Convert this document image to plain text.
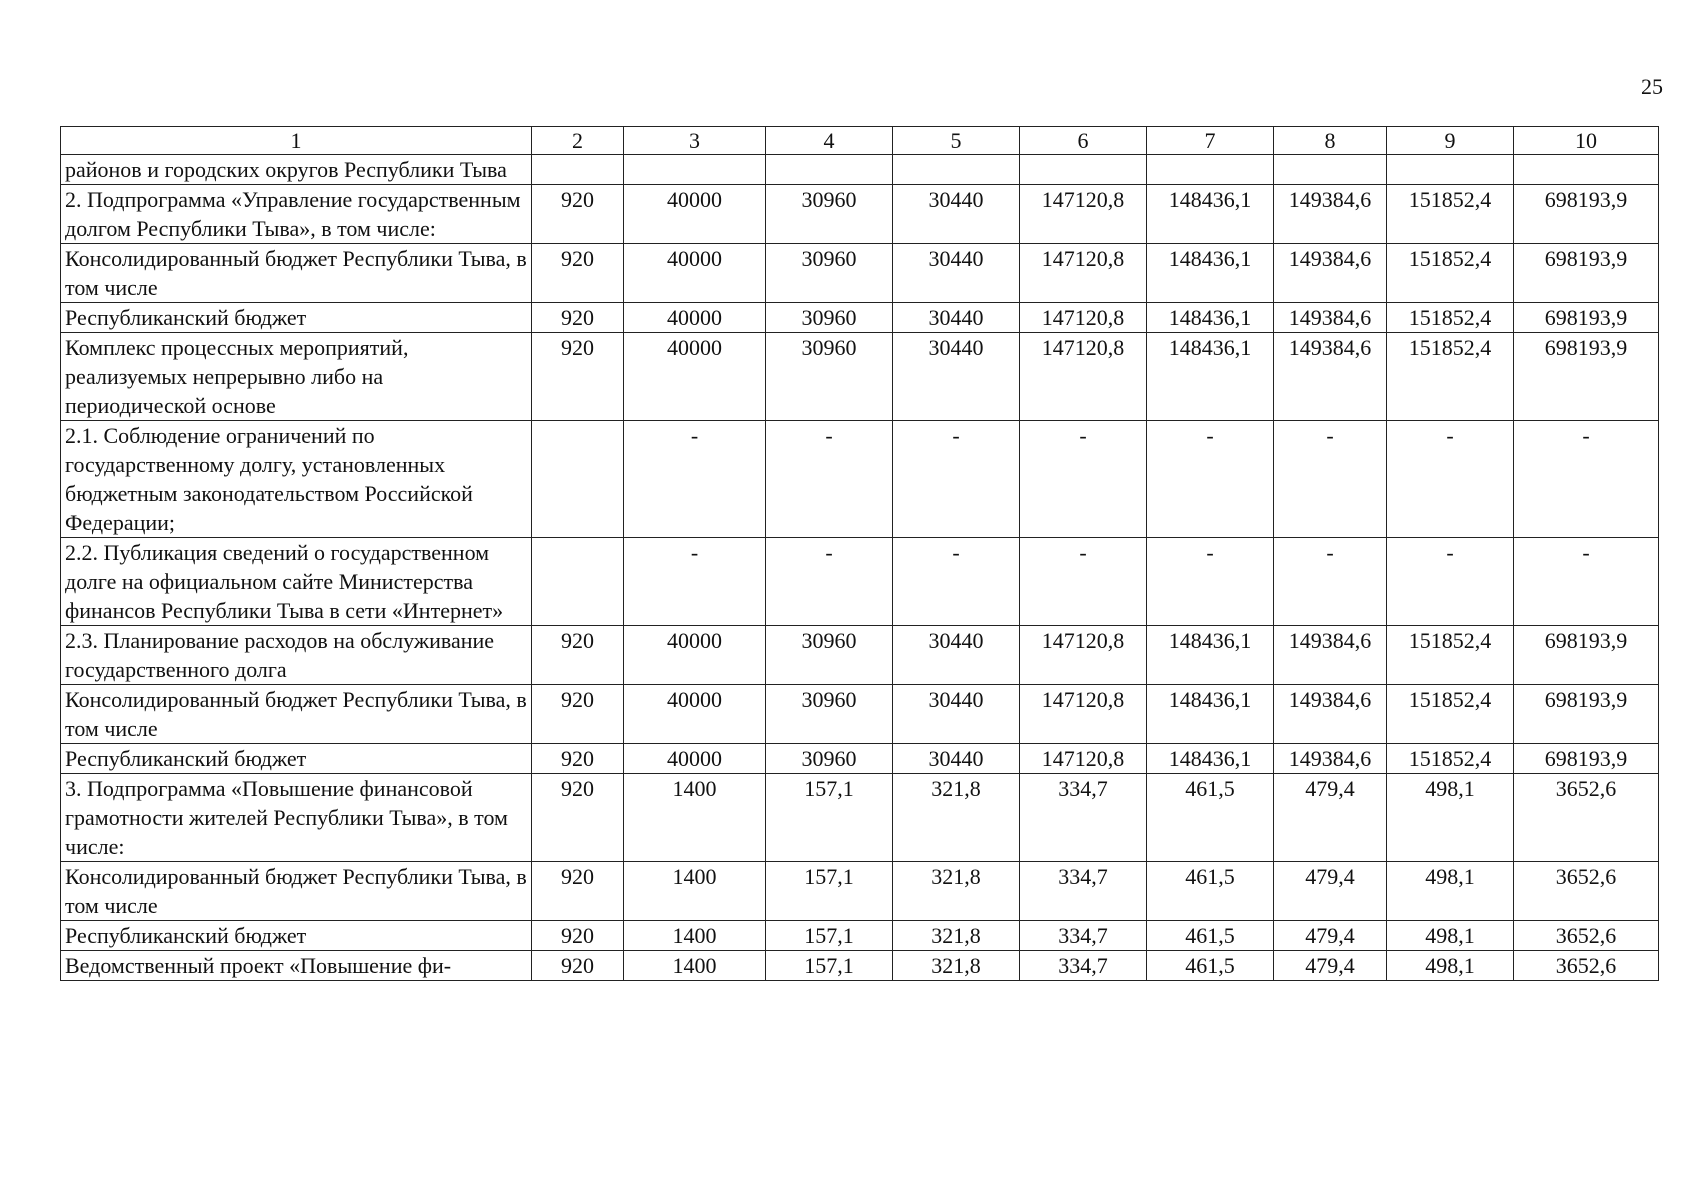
25
1	2	3	4	5	6	7	8	9	10
районов и городских округов Республики Тыва									
2. Подпрограмма «Управление государственным долгом Республики Тыва», в том числе:	920	40000	30960	30440	147120,8	148436,1	149384,6	151852,4	698193,9
Консолидированный бюджет Республики Тыва, в том числе	920	40000	30960	30440	147120,8	148436,1	149384,6	151852,4	698193,9
Республиканский бюджет	920	40000	30960	30440	147120,8	148436,1	149384,6	151852,4	698193,9
Комплекс процессных мероприятий, реализуемых непрерывно либо на периодической основе	920	40000	30960	30440	147120,8	148436,1	149384,6	151852,4	698193,9
2.1. Соблюдение ограничений по государственному долгу, установленных бюджетным законодательством Российской Федерации;		-	-	-	-	-	-	-	-
2.2. Публикация сведений о государственном долге на официальном сайте Министерства финансов Республики Тыва в сети «Интернет»		-	-	-	-	-	-	-	-
2.3. Планирование расходов на обслуживание государственного долга	920	40000	30960	30440	147120,8	148436,1	149384,6	151852,4	698193,9
Консолидированный бюджет Республики Тыва, в том числе	920	40000	30960	30440	147120,8	148436,1	149384,6	151852,4	698193,9
Республиканский бюджет	920	40000	30960	30440	147120,8	148436,1	149384,6	151852,4	698193,9
3. Подпрограмма «Повышение финансовой грамотности жителей Республики Тыва», в том числе:	920	1400	157,1	321,8	334,7	461,5	479,4	498,1	3652,6
Консолидированный бюджет Республики Тыва, в том числе	920	1400	157,1	321,8	334,7	461,5	479,4	498,1	3652,6
Республиканский бюджет	920	1400	157,1	321,8	334,7	461,5	479,4	498,1	3652,6
Ведомственный проект «Повышение фи-	920	1400	157,1	321,8	334,7	461,5	479,4	498,1	3652,6
